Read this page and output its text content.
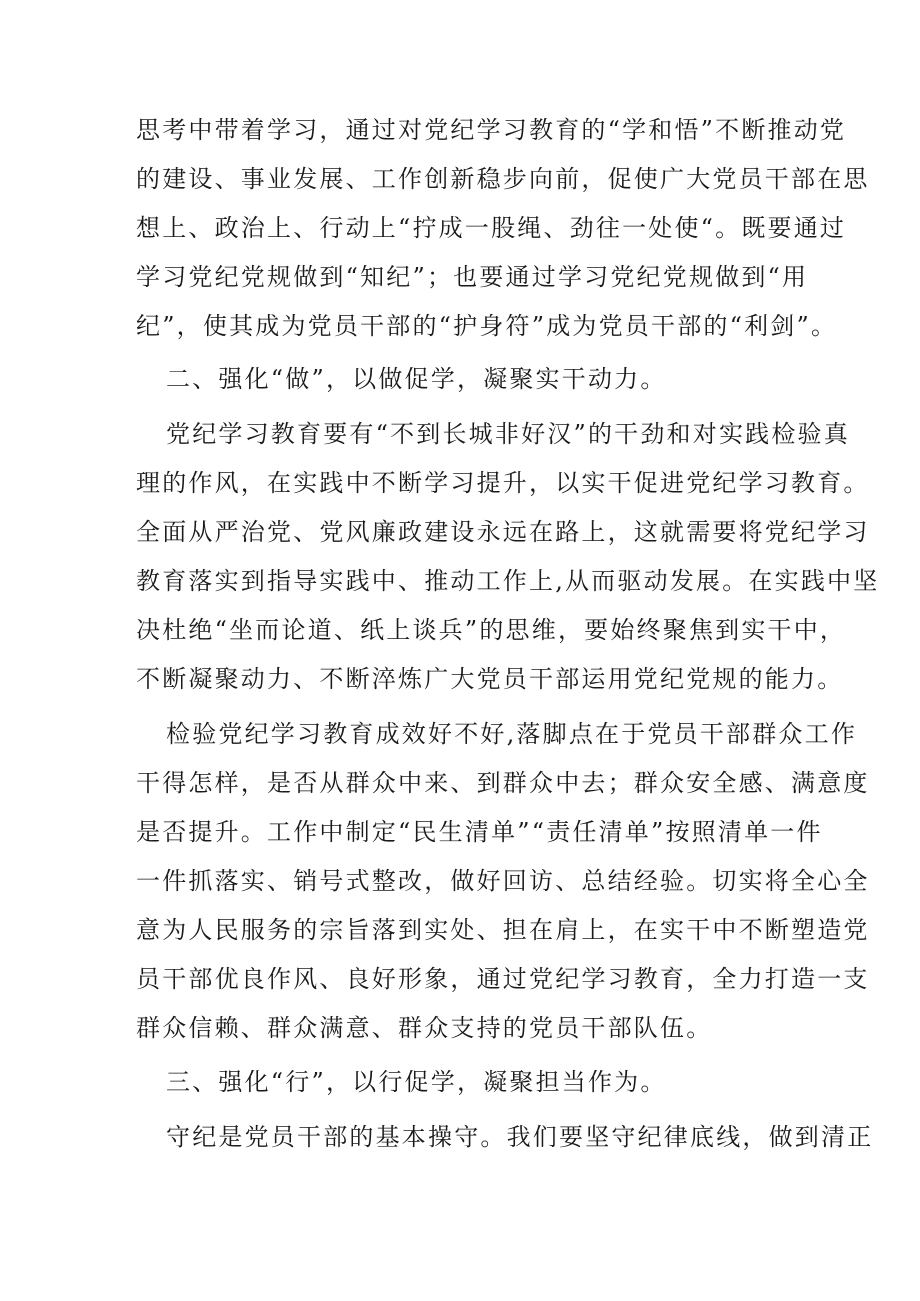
思考中带着学习，通过对党纪学习教育的“学和悟”不断推动党
的建设、事业发展、工作创新稳步向前，促使广大党员干部在思
想上、政治上、行动上“拧成一股绳、劲往一处使“。既要通过
学习党纪党规做到“知纪”；也要通过学习党纪党规做到“用
纪”，使其成为党员干部的“护身符”成为党员干部的“利剑”。
二、强化“做”，以做促学，凝聚实干动力。
党纪学习教育要有“不到长城非好汉”的干劲和对实践检验真
理的作风，在实践中不断学习提升，以实干促进党纪学习教育。
全面从严治党、党风廉政建设永远在路上，这就需要将党纪学习
教育落实到指导实践中、推动工作上,从而驱动发展。在实践中坚
决杜绝“坐而论道、纸上谈兵”的思维，要始终聚焦到实干中，
不断凝聚动力、不断淬炼广大党员干部运用党纪党规的能力。
检验党纪学习教育成效好不好,落脚点在于党员干部群众工作
干得怎样，是否从群众中来、到群众中去；群众安全感、满意度
是否提升。工作中制定“民生清单”“责任清单”按照清单一件
一件抓落实、销号式整改，做好回访、总结经验。切实将全心全
意为人民服务的宗旨落到实处、担在肩上，在实干中不断塑造党
员干部优良作风、良好形象，通过党纪学习教育，全力打造一支
群众信赖、群众满意、群众支持的党员干部队伍。
三、强化“行”，以行促学，凝聚担当作为。
守纪是党员干部的基本操守。我们要坚守纪律底线，做到清正
